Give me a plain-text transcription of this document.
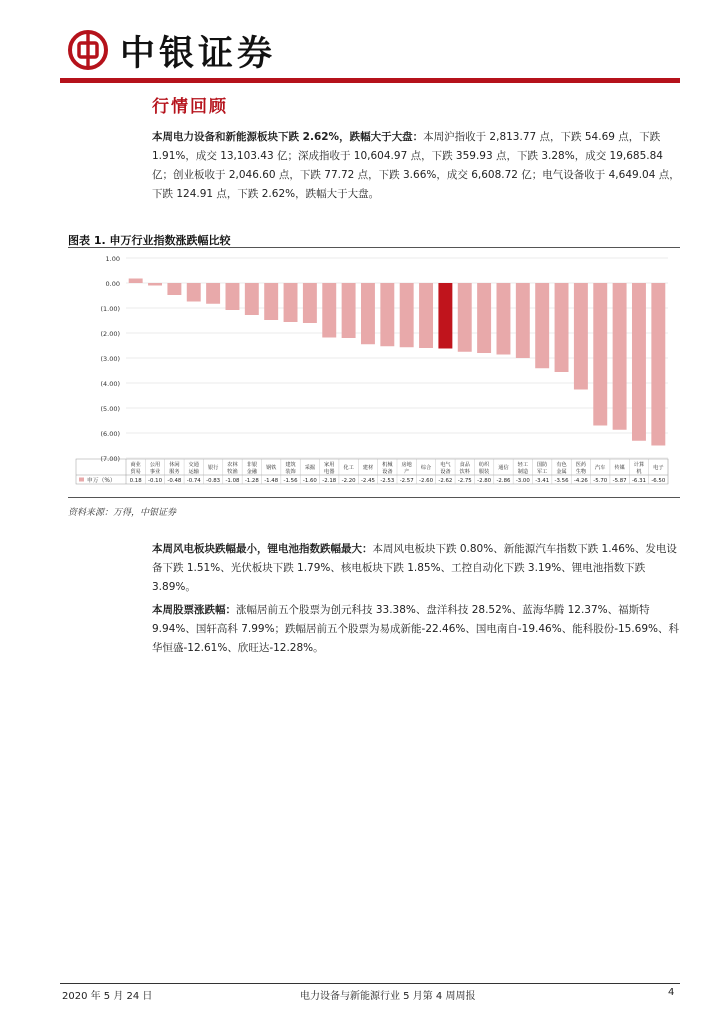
中银证券
行情回顾
本周电力设备和新能源板块下跌 2.62%，跌幅大于大盘：本周沪指收于 2,813.77 点，下跌 54.69 点，下跌 1.91%，成交 13,103.43 亿；深成指收于 10,604.97 点，下跌 359.93 点，下跌 3.28%，成交 19,685.84 亿；创业板收于 2,046.60 点，下跌 77.72 点，下跌 3.66%，成交 6,608.72 亿；电气设备收于 4,649.04 点，下跌 124.91 点，下跌 2.62%，跌幅大于大盘。
图表 1. 申万行业指数涨跌幅比较
1.00
0.00
(1.00)
(2.00)
(3.00)
(4.00)
(5.00)
(6.00)
(7.00)
申万（%）
商业贸易
0.18
公用事业
-0.10
休闲服务
-0.48
交通运输
-0.74
银行
-0.83
农林牧渔
-1.08
非银金融
-1.28
钢铁
-1.48
建筑装饰
-1.56
采掘
-1.60
家用电器
-2.18
化工
-2.20
建材
-2.45
机械设备
-2.53
房地产
-2.57
综合
-2.60
电气设备
-2.62
食品饮料
-2.75
纺织服装
-2.80
通信
-2.86
轻工制造
-3.00
国防军工
-3.41
有色金属
-3.56
医药生物
-4.26
汽车
-5.70
传媒
-5.87
计算机
-6.31
电子
-6.50
资料来源：万得，中银证券
本周风电板块跌幅最小，锂电池指数跌幅最大：本周风电板块下跌 0.80%、新能源汽车指数下跌 1.46%、发电设备下跌 1.51%、光伏板块下跌 1.79%、核电板块下跌 1.85%、工控自动化下跌 3.19%、锂电池指数下跌 3.89%。
本周股票涨跌幅：涨幅居前五个股票为创元科技 33.38%、盘洋科技 28.52%、蓝海华腾 12.37%、福斯特 9.94%、国轩高科 7.99%；跌幅居前五个股票为易成新能-22.46%、国电南自-19.46%、能科股份-15.69%、科华恒盛-12.61%、欣旺达-12.28%。
2020 年 5 月 24 日	电力设备与新能源行业 5 月第 4 周周报	4
